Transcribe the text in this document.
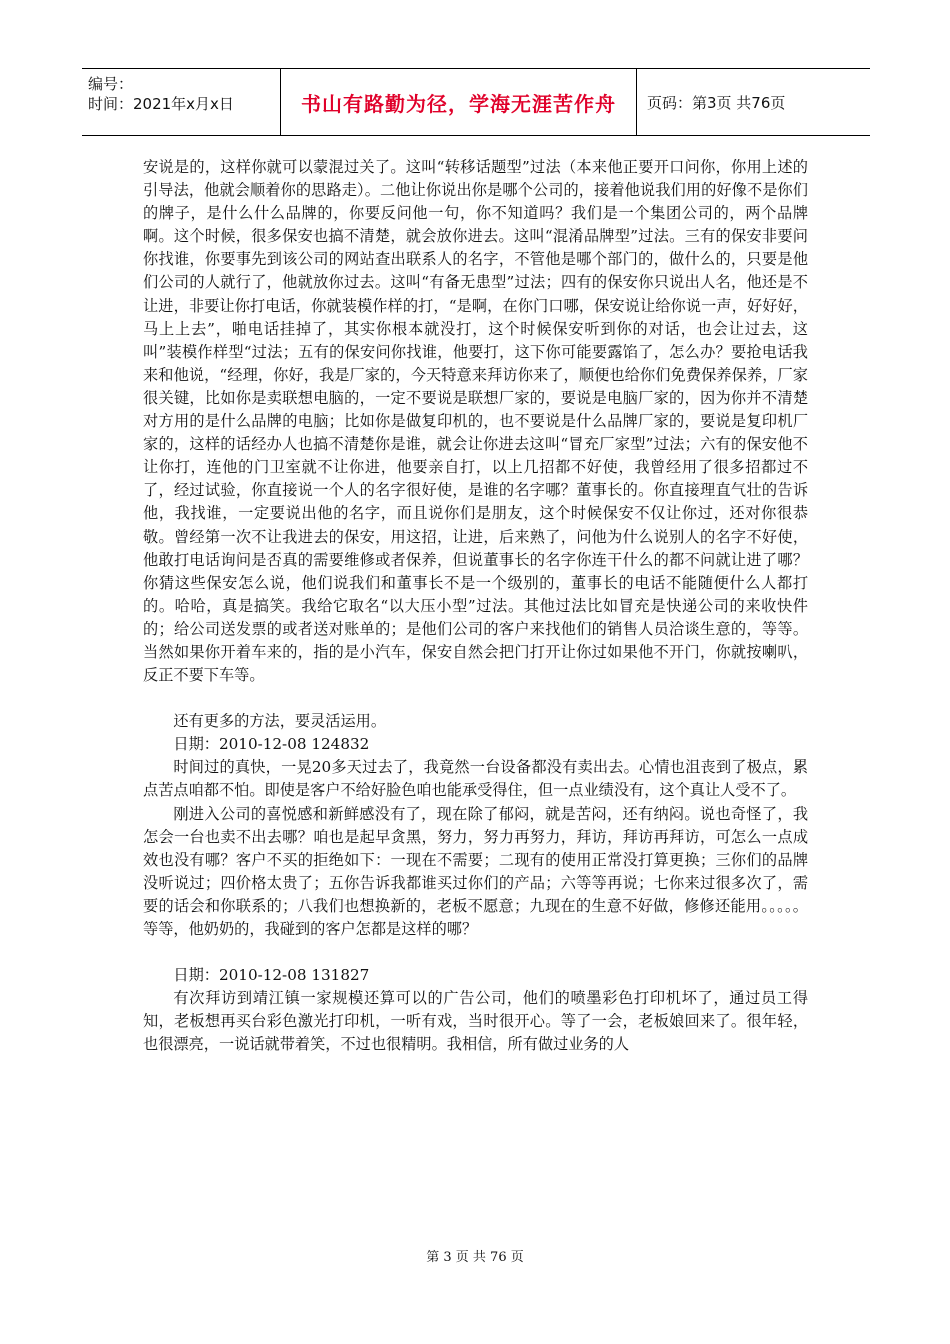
编号：
时间：2021年x月x日	书山有路勤为径，学海无涯苦作舟	页码：第3页 共76页

安说是的，这样你就可以蒙混过关了。这叫“转移话题型”过法（本来他正要开口问你，你用上述的引导法，他就会顺着你的思路走）。二他让你说出你是哪个公司的，接着他说我们用的好像不是你们的牌子，是什么什么品牌的，你要反问他一句，你不知道吗？我们是一个集团公司的，两个品牌啊。这个时候，很多保安也搞不清楚，就会放你进去。这叫“混淆品牌型”过法。三有的保安非要问你找谁，你要事先到该公司的网站查出联系人的名字，不管他是哪个部门的，做什么的，只要是他们公司的人就行了，他就放你过去。这叫“有备无患型”过法；四有的保安你只说出人名，他还是不让进，非要让你打电话，你就装模作样的打，“是啊，在你门口哪，保安说让给你说一声，好好好，马上上去”，啪电话挂掉了，其实你根本就没打，这个时候保安听到你的对话，也会让过去，这叫”装模作样型“过法；五有的保安问你找谁，他要打，这下你可能要露馅了，怎么办？要抢电话我来和他说，“经理，你好，我是厂家的，今天特意来拜访你来了，顺便也给你们免费保养保养，厂家很关键，比如你是卖联想电脑的，一定不要说是联想厂家的，要说是电脑厂家的，因为你并不清楚对方用的是什么品牌的电脑；比如你是做复印机的，也不要说是什么品牌厂家的，要说是复印机厂家的，这样的话经办人也搞不清楚你是谁，就会让你进去这叫“冒充厂家型”过法；六有的保安他不让你打，连他的门卫室就不让你进，他要亲自打，以上几招都不好使，我曾经用了很多招都过不了，经过试验，你直接说一个人的名字很好使，是谁的名字哪？董事长的。你直接理直气壮的告诉他，我找谁，一定要说出他的名字，而且说你们是朋友，这个时候保安不仅让你过，还对你很恭敬。曾经第一次不让我进去的保安，用这招，让进，后来熟了，问他为什么说别人的名字不好使，他敢打电话询问是否真的需要维修或者保养，但说董事长的名字你连干什么的都不问就让进了哪？你猜这些保安怎么说，他们说我们和董事长不是一个级别的，董事长的电话不能随便什么人都打的。哈哈，真是搞笑。我给它取名“以大压小型”过法。其他过法比如冒充是快递公司的来收快件的；给公司送发票的或者送对账单的；是他们公司的客户来找他们的销售人员洽谈生意的，等等。当然如果你开着车来的，指的是小汽车，保安自然会把门打开让你过如果他不开门，你就按喇叭，反正不要下车等。

还有更多的方法，要灵活运用。

日期：2010-12-08 124832

时间过的真快，一晃20多天过去了，我竟然一台设备都没有卖出去。心情也沮丧到了极点，累点苦点咱都不怕。即使是客户不给好脸色咱也能承受得住，但一点业绩没有，这个真让人受不了。

刚进入公司的喜悦感和新鲜感没有了，现在除了郁闷，就是苦闷，还有纳闷。说也奇怪了，我怎会一台也卖不出去哪？咱也是起早贪黑，努力，努力再努力，拜访，拜访再拜访，可怎么一点成效也没有哪？客户不买的拒绝如下：一现在不需要；二现有的使用正常没打算更换；三你们的品牌没听说过；四价格太贵了；五你告诉我都谁买过你们的产品；六等等再说；七你来过很多次了，需要的话会和你联系的；八我们也想换新的，老板不愿意；九现在的生意不好做，修修还能用。。。。。等等，他奶奶的，我碰到的客户怎都是这样的哪？

日期：2010-12-08 131827

有次拜访到靖江镇一家规模还算可以的广告公司，他们的喷墨彩色打印机坏了，通过员工得知，老板想再买台彩色激光打印机，一听有戏，当时很开心。等了一会，老板娘回来了。很年轻，也很漂亮，一说话就带着笑，不过也很精明。我相信，所有做过业务的人

第 3 页 共 76 页
